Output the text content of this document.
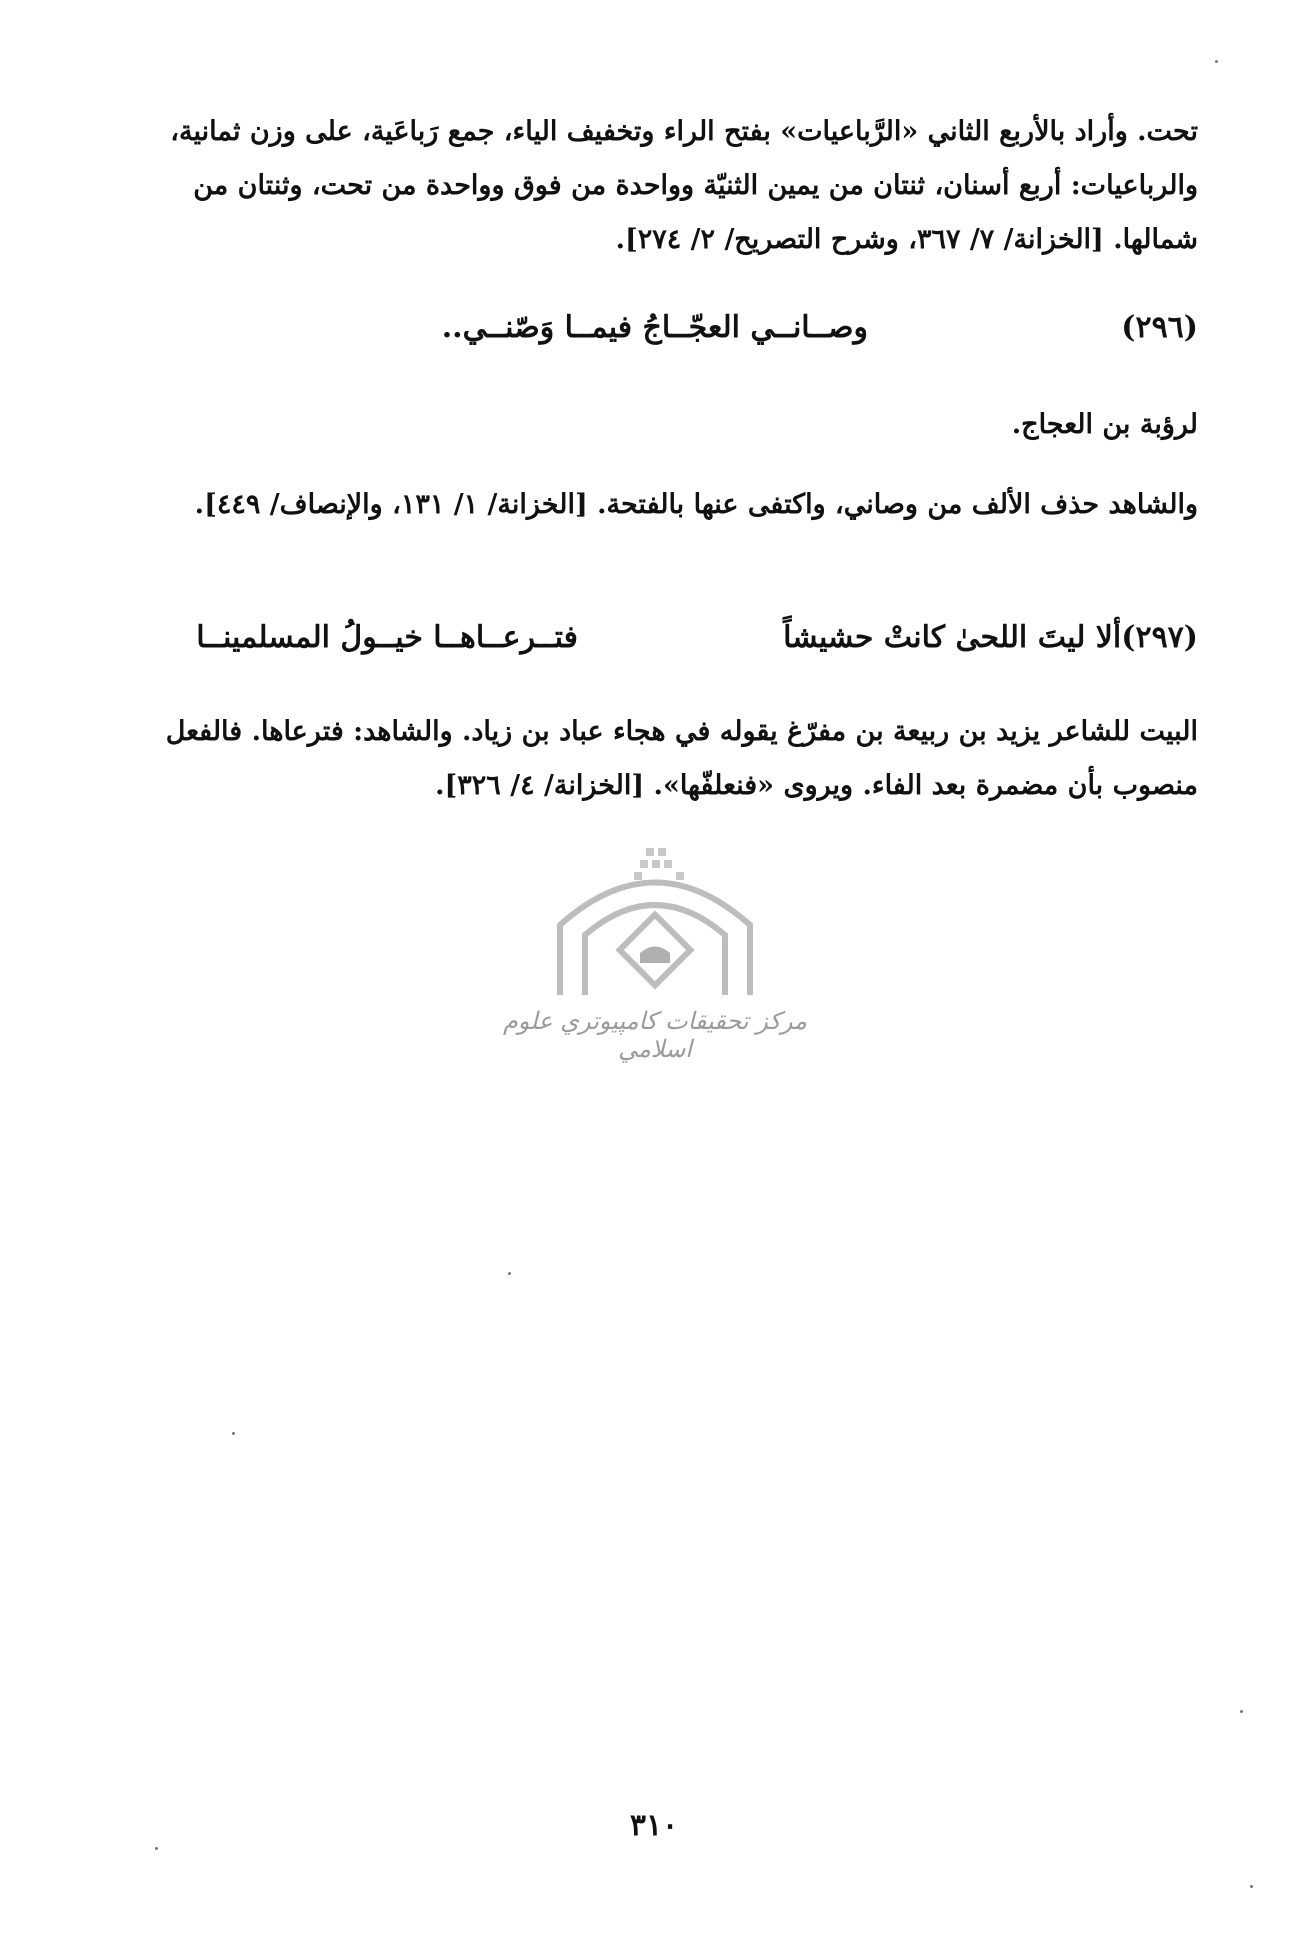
تحت. وأراد بالأربع الثاني «الرَّباعيات» بفتح الراء وتخفيف الياء، جمع رَباعَية، على وزن ثمانية، والرباعيات: أربع أسنان، ثنتان من يمين الثنيّة وواحدة من فوق وواحدة من تحت، وثنتان من شمالها. [الخزانة/ ٧/ ٣٦٧، وشرح التصريح/ ٢/ ٢٧٤].
(٢٩٦)
وصــانــي العجّــاجُ فيمــا وَصّنــي..
لرؤبة بن العجاج.
والشاهد حذف الألف من وصاني، واكتفى عنها بالفتحة. [الخزانة/ ١/ ١٣١، والإنصاف/ ٤٤٩].
(٢٩٧)ألا ليتَ اللحىٰ كانتْ حشيشاً
فتــرعــاهــا خيــولُ المسلمينــا
البيت للشاعر يزيد بن ربيعة بن مفرّغ يقوله في هجاء عباد بن زياد. والشاهد: فترعاها. فالفعل منصوب بأن مضمرة بعد الفاء. ويروى «فنعلفّها». [الخزانة/ ٤/ ٣٢٦].
مركز تحقيقات كامپيوتري علوم اسلامي
٣١٠
